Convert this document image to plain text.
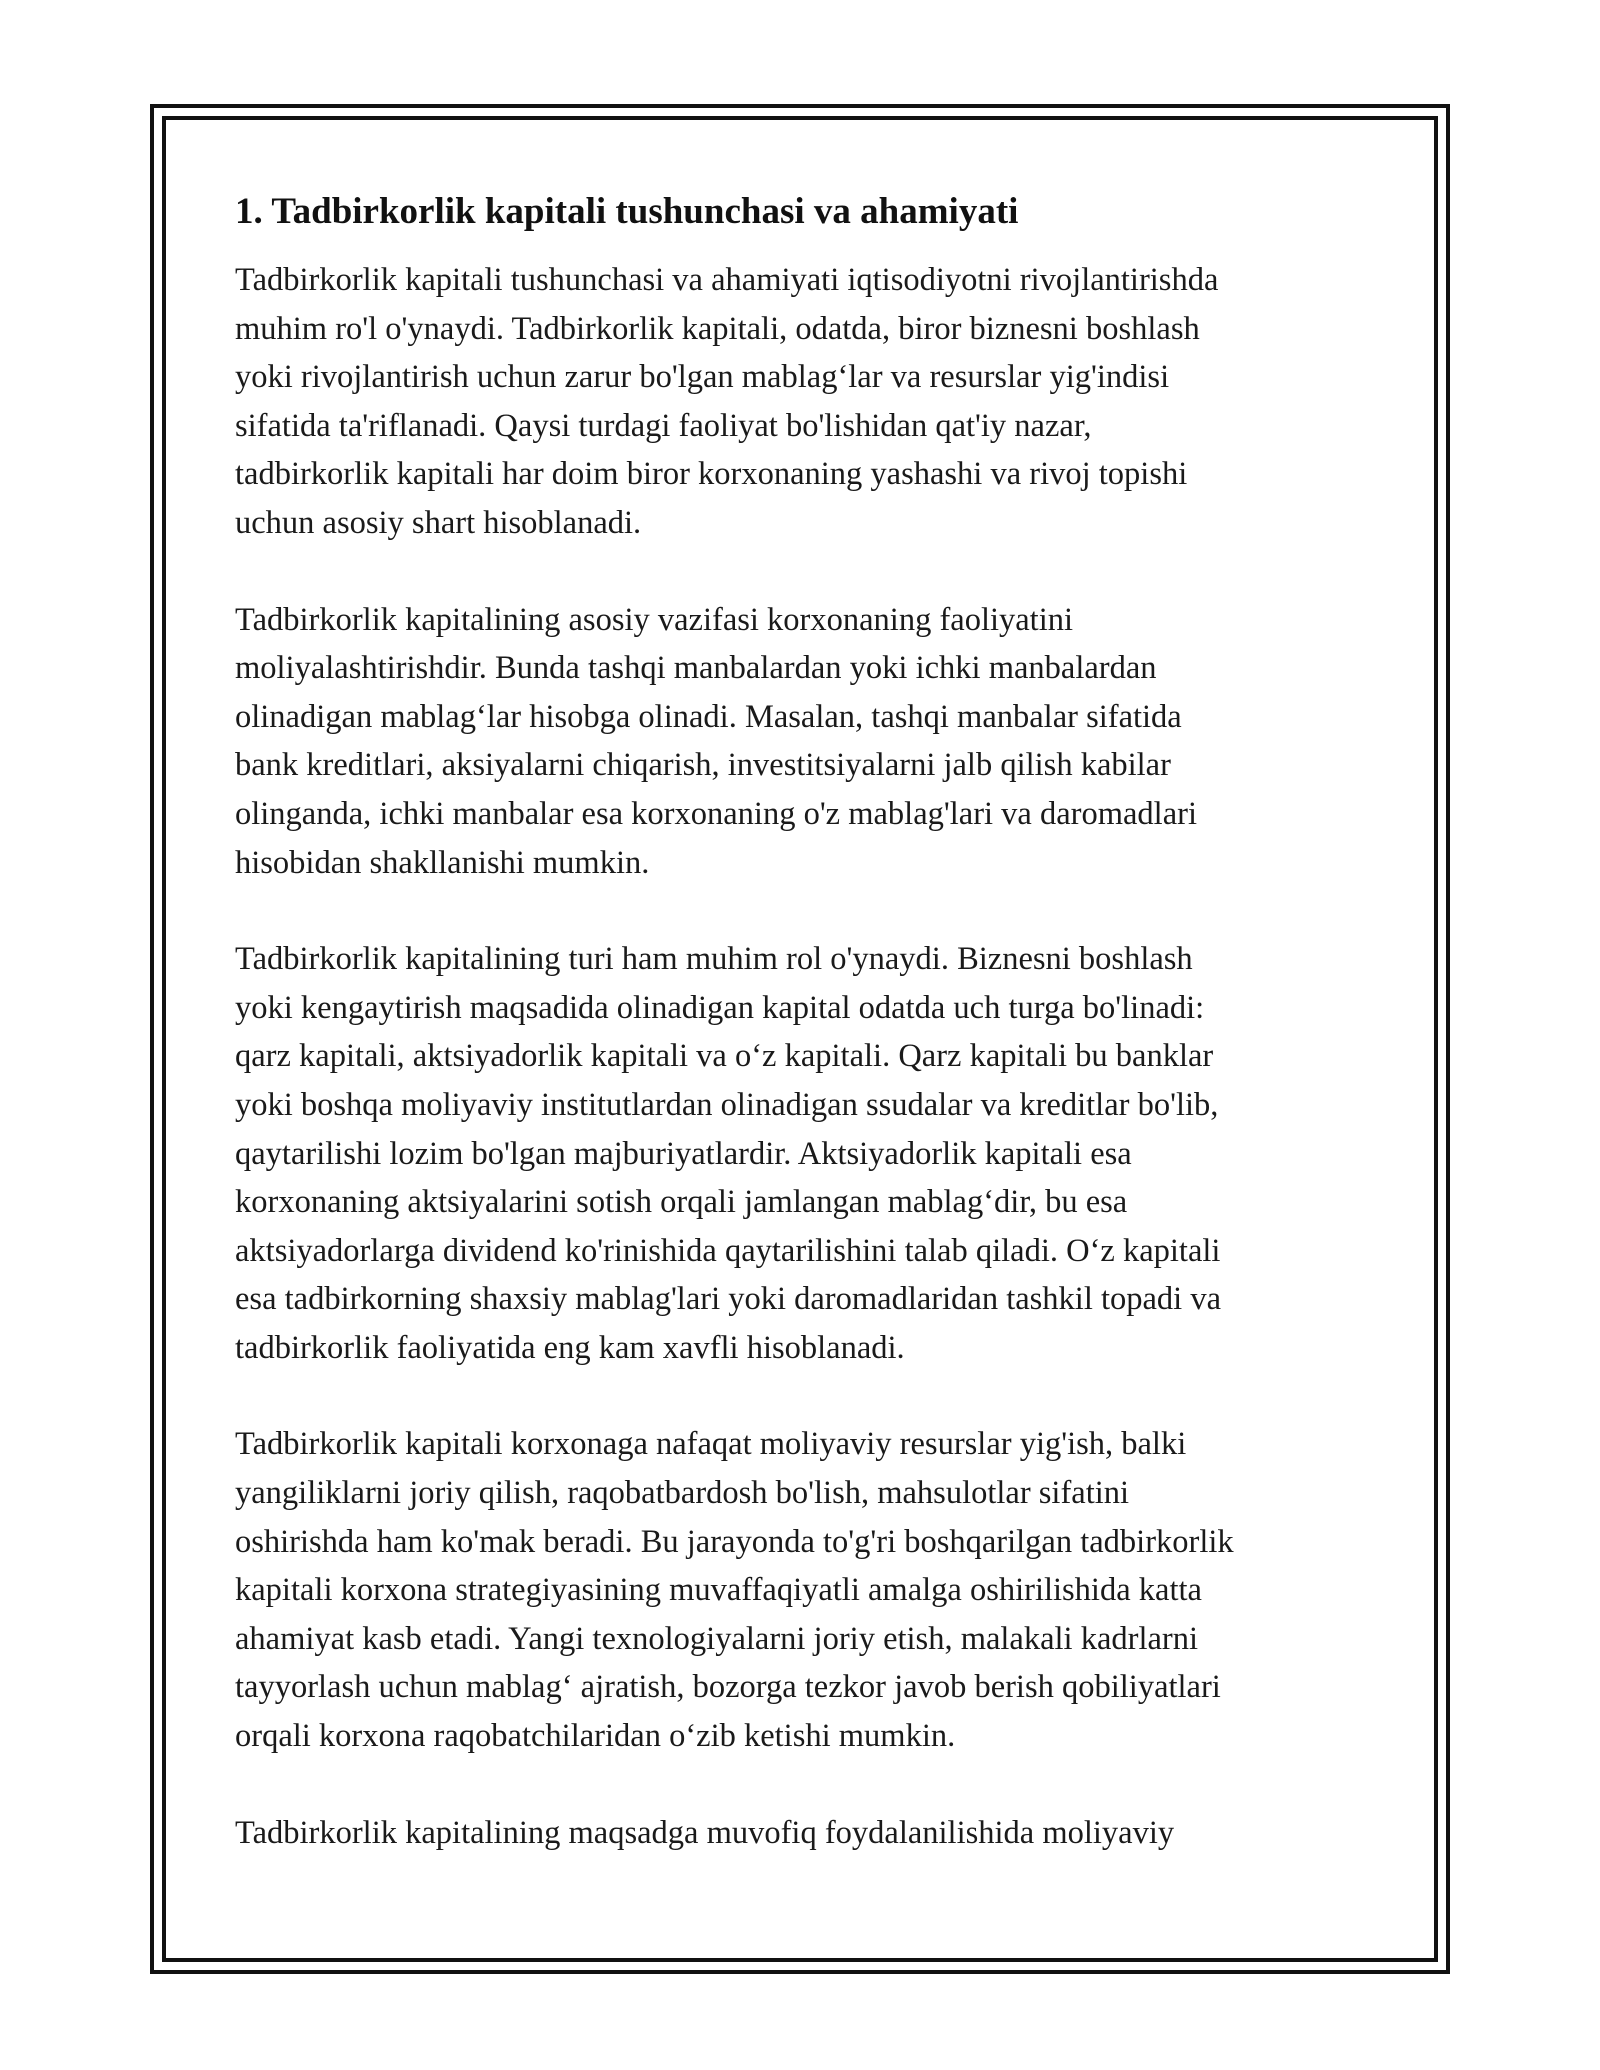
1. Tadbirkorlik kapitali tushunchasi va ahamiyati

Tadbirkorlik kapitali tushunchasi va ahamiyati iqtisodiyotni rivojlantirishda
muhim ro'l o'ynaydi. Tadbirkorlik kapitali, odatda, biror biznesni boshlash
yoki rivojlantirish uchun zarur bo'lgan mablag‘lar va resurslar yig'indisi
sifatida ta'riflanadi. Qaysi turdagi faoliyat bo'lishidan qat'iy nazar,
tadbirkorlik kapitali har doim biror korxonaning yashashi va rivoj topishi
uchun asosiy shart hisoblanadi.

Tadbirkorlik kapitalining asosiy vazifasi korxonaning faoliyatini
moliyalashtirishdir. Bunda tashqi manbalardan yoki ichki manbalardan
olinadigan mablag‘lar hisobga olinadi. Masalan, tashqi manbalar sifatida
bank kreditlari, aksiyalarni chiqarish, investitsiyalarni jalb qilish kabilar
olinganda, ichki manbalar esa korxonaning o'z mablag'lari va daromadlari
hisobidan shakllanishi mumkin.

Tadbirkorlik kapitalining turi ham muhim rol o'ynaydi. Biznesni boshlash
yoki kengaytirish maqsadida olinadigan kapital odatda uch turga bo'linadi:
qarz kapitali, aktsiyadorlik kapitali va o‘z kapitali. Qarz kapitali bu banklar
yoki boshqa moliyaviy institutlardan olinadigan ssudalar va kreditlar bo'lib,
qaytarilishi lozim bo'lgan majburiyatlardir. Aktsiyadorlik kapitali esa
korxonaning aktsiyalarini sotish orqali jamlangan mablag‘dir, bu esa
aktsiyadorlarga dividend ko'rinishida qaytarilishini talab qiladi. O‘z kapitali
esa tadbirkorning shaxsiy mablag'lari yoki daromadlaridan tashkil topadi va
tadbirkorlik faoliyatida eng kam xavfli hisoblanadi.

Tadbirkorlik kapitali korxonaga nafaqat moliyaviy resurslar yig'ish, balki
yangiliklarni joriy qilish, raqobatbardosh bo'lish, mahsulotlar sifatini
oshirishda ham ko'mak beradi. Bu jarayonda to'g'ri boshqarilgan tadbirkorlik
kapitali korxona strategiyasining muvaffaqiyatli amalga oshirilishida katta
ahamiyat kasb etadi. Yangi texnologiyalarni joriy etish, malakali kadrlarni
tayyorlash uchun mablag‘ ajratish, bozorga tezkor javob berish qobiliyatlari
orqali korxona raqobatchilaridan o‘zib ketishi mumkin.

Tadbirkorlik kapitalining maqsadga muvofiq foydalanilishida moliyaviy
